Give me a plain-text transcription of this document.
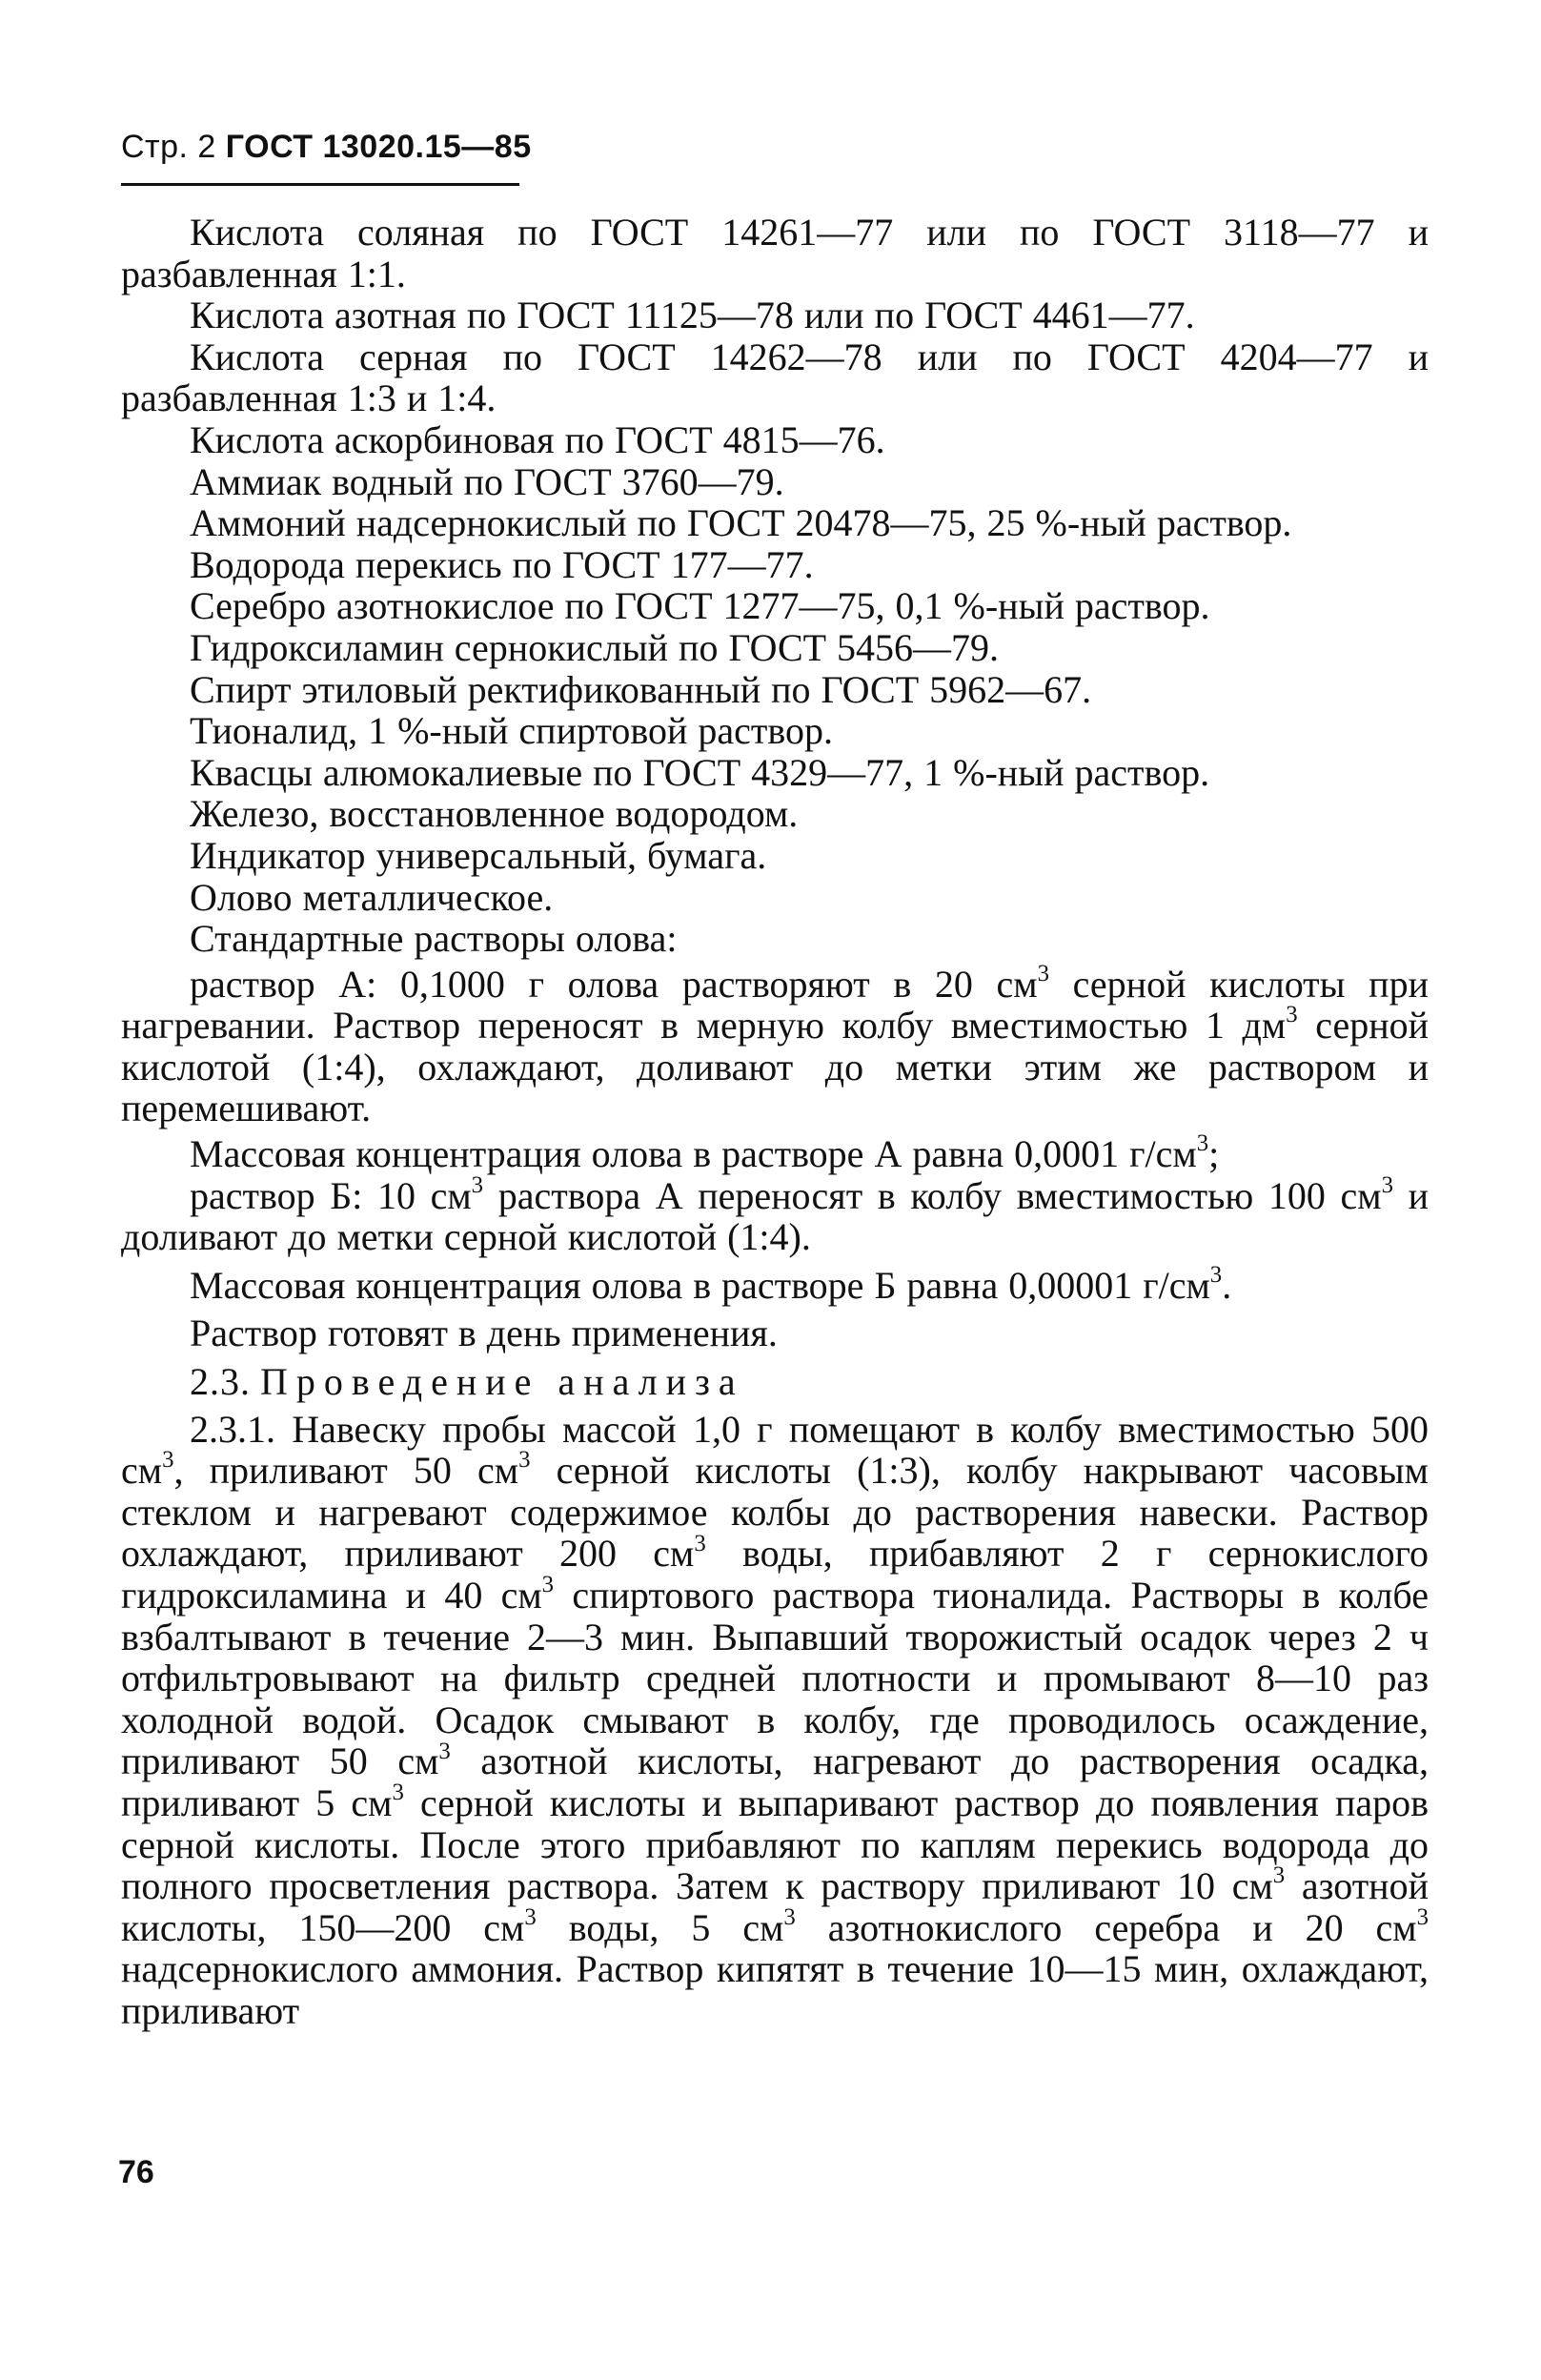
Стр. 2 ГОСТ 13020.15—85

Кислота соляная по ГОСТ 14261—77 или по ГОСТ 3118—77 и разбавленная 1:1.

Кислота азотная по ГОСТ 11125—78 или по ГОСТ 4461—77.

Кислота серная по ГОСТ 14262—78 или по ГОСТ 4204—77 и разбавленная 1:3 и 1:4.

Кислота аскорбиновая по ГОСТ 4815—76.

Аммиак водный по ГОСТ 3760—79.

Аммоний надсернокислый по ГОСТ 20478—75, 25 %-ный раствор.

Водорода перекись по ГОСТ 177—77.

Серебро азотнокислое по ГОСТ 1277—75, 0,1 %-ный раствор.

Гидроксиламин сернокислый по ГОСТ 5456—79.

Спирт этиловый ректификованный по ГОСТ 5962—67.

Тионалид, 1 %-ный спиртовой раствор.

Квасцы алюмокалиевые по ГОСТ 4329—77, 1 %-ный раствор.

Железо, восстановленное водородом.

Индикатор универсальный, бумага.

Олово металлическое.

Стандартные растворы олова:

раствор А: 0,1000 г олова растворяют в 20 $см^3$ серной кислоты при нагревании. Раствор переносят в мерную колбу вместимостью 1 $дм^3$ серной кислотой (1:4), охлаждают, доливают до метки этим же раствором и перемешивают.

Массовая концентрация олова в растворе А равна 0,0001 $г/см^3$;

раствор Б: 10 $см^3$ раствора А переносят в колбу вместимостью 100 $см^3$ и доливают до метки серной кислотой (1:4).

Массовая концентрация олова в растворе Б равна 0,00001 $г/см^3$.

Раствор готовят в день применения.

2.3. Проведение анализа

2.3.1. Навеску пробы массой 1,0 г помещают в колбу вместимостью 500 $см^3$, приливают 50 $см^3$ серной кислоты (1:3), колбу накрывают часовым стеклом и нагревают содержимое колбы до растворения навески. Раствор охлаждают, приливают 200 $см^3$ воды, прибавляют 2 г сернокислого гидроксиламина и 40 $см^3$ спиртового раствора тионалида. Растворы в колбе взбалтывают в течение 2—3 мин. Выпавший творожистый осадок через 2 ч отфильтровывают на фильтр средней плотности и промывают 8—10 раз холодной водой. Осадок смывают в колбу, где проводилось осаждение, приливают 50 $см^3$ азотной кислоты, нагревают до растворения осадка, приливают 5 $см^3$ серной кислоты и выпаривают раствор до появления паров серной кислоты. После этого прибавляют по каплям перекись водорода до полного просветления раствора. Затем к раствору приливают 10 $см^3$ азотной кислоты, 150—200 $см^3$ воды, 5 $см^3$ азотнокислого серебра и 20 $см^3$ надсернокислого аммония. Раствор кипятят в течение 10—15 мин, охлаждают, приливают

76
